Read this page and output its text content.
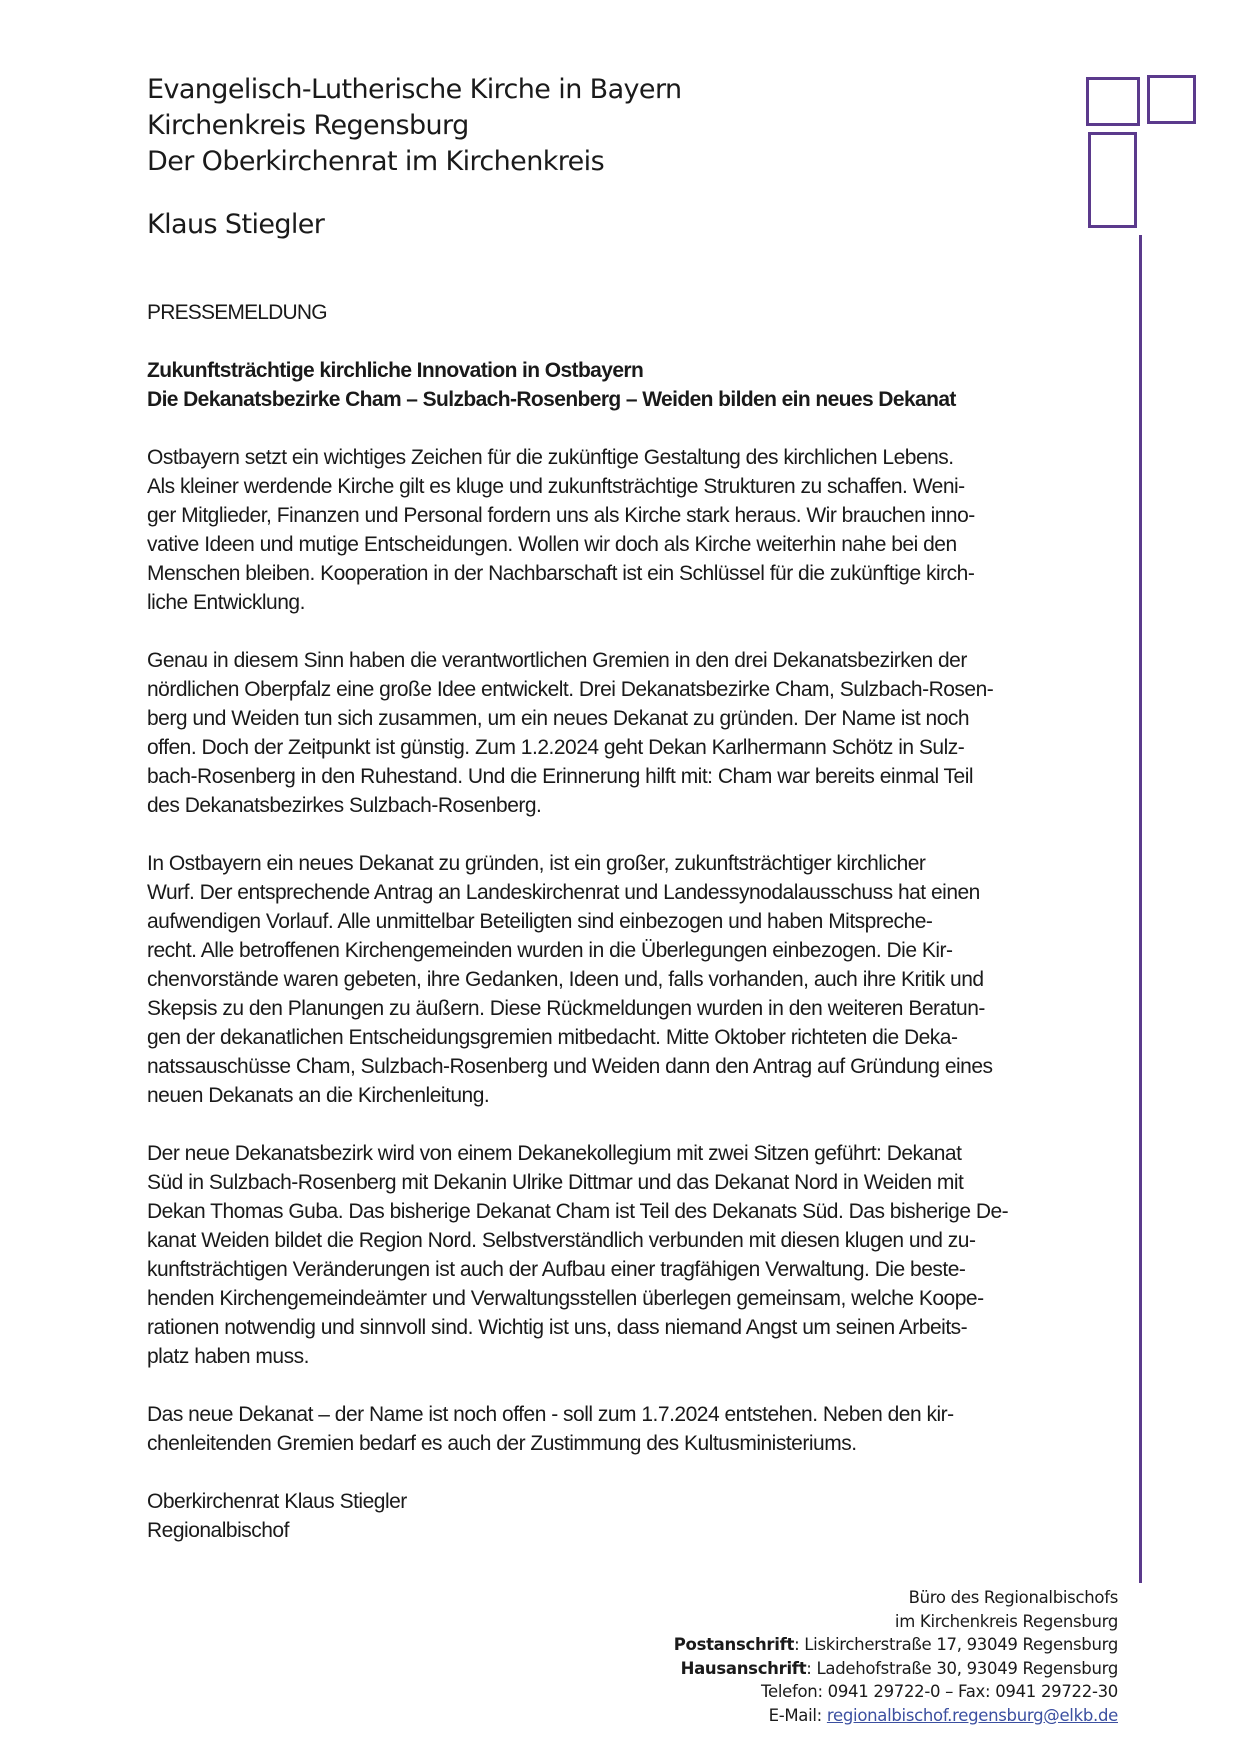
Evangelisch-Lutherische Kirche in Bayern
Kirchenkreis Regensburg
Der Oberkirchenrat im Kirchenkreis
Klaus Stiegler
PRESSEMELDUNG
Zukunftsträchtige kirchliche Innovation in Ostbayern
Die Dekanatsbezirke Cham – Sulzbach-Rosenberg – Weiden bilden ein neues Dekanat
Ostbayern setzt ein wichtiges Zeichen für die zukünftige Gestaltung des kirchlichen Lebens.
Als kleiner werdende Kirche gilt es kluge und zukunftsträchtige Strukturen zu schaffen. Weni-
ger Mitglieder, Finanzen und Personal fordern uns als Kirche stark heraus. Wir brauchen inno-
vative Ideen und mutige Entscheidungen. Wollen wir doch als Kirche weiterhin nahe bei den
Menschen bleiben. Kooperation in der Nachbarschaft ist ein Schlüssel für die zukünftige kirch-
liche Entwicklung.
Genau in diesem Sinn haben die verantwortlichen Gremien in den drei Dekanatsbezirken der
nördlichen Oberpfalz eine große Idee entwickelt. Drei Dekanatsbezirke Cham, Sulzbach-Rosen-
berg und Weiden tun sich zusammen, um ein neues Dekanat zu gründen. Der Name ist noch
offen. Doch der Zeitpunkt ist günstig. Zum 1.2.2024 geht Dekan Karlhermann Schötz in Sulz-
bach-Rosenberg in den Ruhestand. Und die Erinnerung hilft mit: Cham war bereits einmal Teil
des Dekanatsbezirkes Sulzbach-Rosenberg.
In Ostbayern ein neues Dekanat zu gründen, ist ein großer, zukunftsträchtiger kirchlicher
Wurf. Der entsprechende Antrag an Landeskirchenrat und Landessynodalausschuss hat einen
aufwendigen Vorlauf. Alle unmittelbar Beteiligten sind einbezogen und haben Mitspreche-
recht. Alle betroffenen Kirchengemeinden wurden in die Überlegungen einbezogen. Die Kir-
chenvorstände waren gebeten, ihre Gedanken, Ideen und, falls vorhanden, auch ihre Kritik und
Skepsis zu den Planungen zu äußern. Diese Rückmeldungen wurden in den weiteren Beratun-
gen der dekanatlichen Entscheidungsgremien mitbedacht. Mitte Oktober richteten die Deka-
natssauschüsse Cham, Sulzbach-Rosenberg und Weiden dann den Antrag auf Gründung eines
neuen Dekanats an die Kirchenleitung.
Der neue Dekanatsbezirk wird von einem Dekanekollegium mit zwei Sitzen geführt: Dekanat
Süd in Sulzbach-Rosenberg mit Dekanin Ulrike Dittmar und das Dekanat Nord in Weiden mit
Dekan Thomas Guba. Das bisherige Dekanat Cham ist Teil des Dekanats Süd. Das bisherige De-
kanat Weiden bildet die Region Nord. Selbstverständlich verbunden mit diesen klugen und zu-
kunftsträchtigen Veränderungen ist auch der Aufbau einer tragfähigen Verwaltung. Die beste-
henden Kirchengemeindeämter und Verwaltungsstellen überlegen gemeinsam, welche Koope-
rationen notwendig und sinnvoll sind. Wichtig ist uns, dass niemand Angst um seinen Arbeits-
platz haben muss.
Das neue Dekanat – der Name ist noch offen - soll zum 1.7.2024 entstehen. Neben den kir-
chenleitenden Gremien bedarf es auch der Zustimmung des Kultusministeriums.
Oberkirchenrat Klaus Stiegler
Regionalbischof
Büro des Regionalbischofs
im Kirchenkreis Regensburg
Postanschrift: Liskircherstraße 17, 93049 Regensburg
Hausanschrift: Ladehofstraße 30, 93049 Regensburg
Telefon: 0941 29722-0 – Fax: 0941 29722-30
E-Mail: regionalbischof.regensburg@elkb.de
